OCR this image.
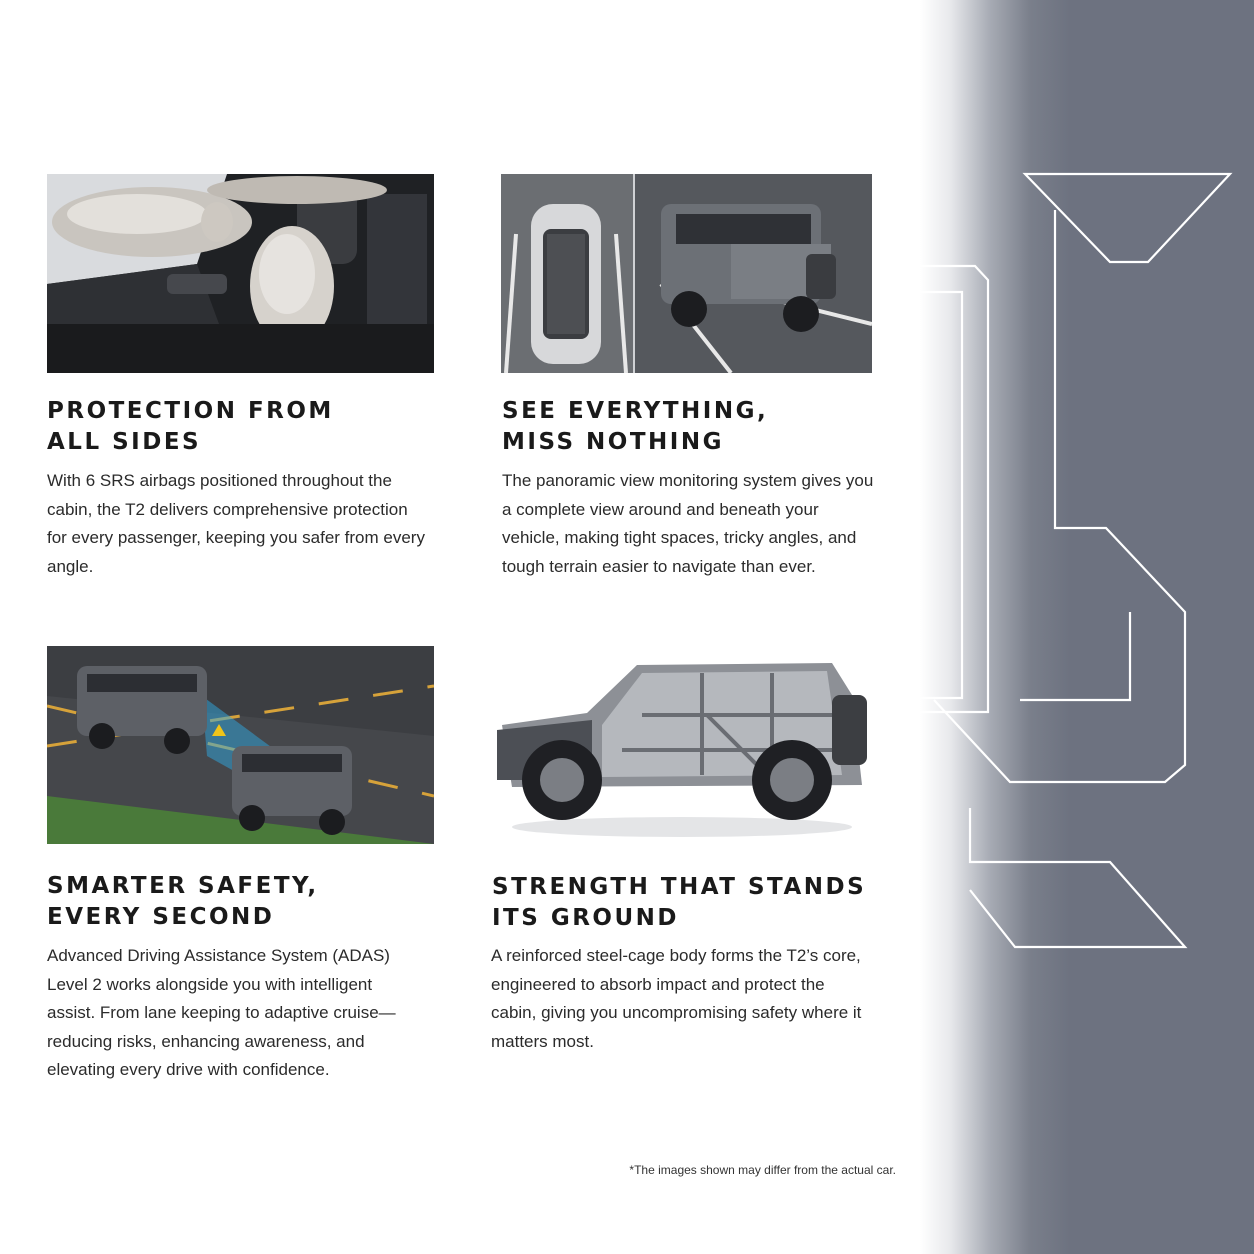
PROTECTION FROM
ALL SIDES

With 6 SRS airbags positioned throughout the cabin, the T2 delivers comprehensive protection for every passenger, keeping you safer from every angle.

SEE EVERYTHING,
MISS NOTHING

The panoramic view monitoring system gives you a complete view around and beneath your vehicle, making tight spaces, tricky angles, and tough terrain easier to navigate than ever.

SMARTER SAFETY,
EVERY SECOND

Advanced Driving Assistance System (ADAS) Level 2 works alongside you with intelligent assist. From lane keeping to adaptive cruise—reducing risks, enhancing awareness, and elevating every drive with confidence.

STRENGTH THAT STANDS
ITS GROUND

A reinforced steel-cage body forms the T2’s core, engineered to absorb impact and protect the cabin, giving you uncompromising safety where it matters most.

*The images shown may differ from the actual car.
